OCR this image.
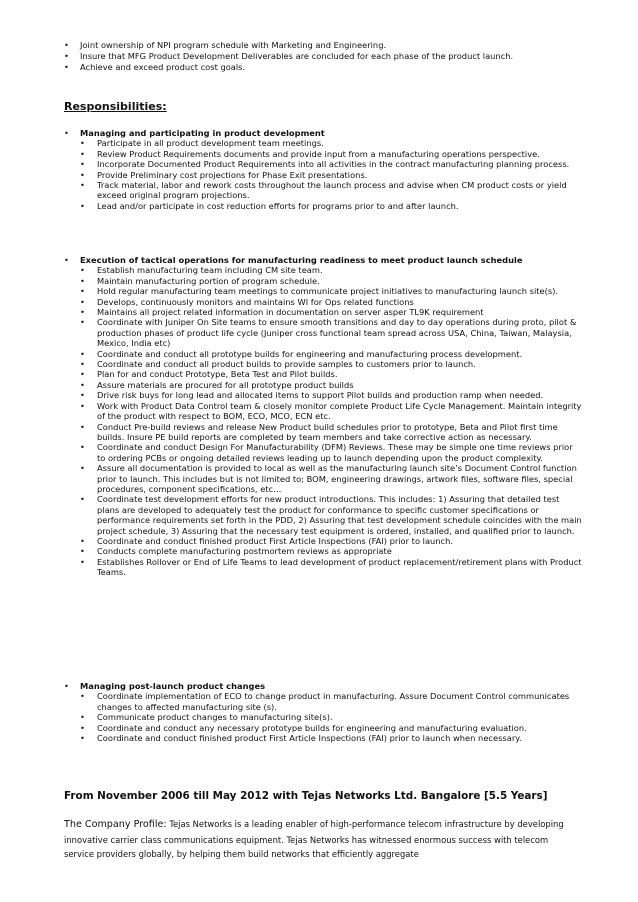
• Joint ownership of NPI program schedule with Marketing and Engineering.
• Insure that MFG Product Development Deliverables are concluded for each phase of the product launch.
• Achieve and exceed product cost goals.
Responsibilities:
• Managing and participating in product development
• Participate in all product development team meetings.
• Review Product Requirements documents and provide input from a manufacturing operations perspective.
• Incorporate Documented Product Requirements into all activities in the contract manufacturing planning process.
• Provide Preliminary cost projections for Phase Exit presentations.
• Track material, labor and rework costs throughout the launch process and advise when CM product costs or yield exceed original program projections.
• Lead and/or participate in cost reduction efforts for programs prior to and after launch.
• Execution of tactical operations for manufacturing readiness to meet product launch schedule
• Establish manufacturing team including CM site team.
• Maintain manufacturing portion of program schedule.
• Hold regular manufacturing team meetings to communicate project initiatives to manufacturing launch site(s).
• Develops, continuously monitors and maintains WI for Ops related functions
• Maintains all project related information in documentation on server asper TL9K requirement
• Coordinate with Juniper On Site teams to ensure smooth transitions and day to day operations during proto, pilot & production phases of product life cycle (Juniper cross functional team spread across USA, China, Taiwan, Malaysia, Mexico, India etc)
• Coordinate and conduct all prototype builds for engineering and manufacturing process development.
• Coordinate and conduct all product builds to provide samples to customers prior to launch.
• Plan for and conduct Prototype, Beta Test and Pilot builds.
• Assure materials are procured for all prototype product builds
• Drive risk buys for long lead and allocated items to support Pilot builds and production ramp when needed.
• Work with Product Data Control team & closely monitor complete Product Life Cycle Management. Maintain integrity of the product with respect to BOM, ECO, MCO, ECN etc.
• Conduct Pre-build reviews and release New Product build schedules prior to prototype, Beta and Pilot first time builds. Insure PE build reports are completed by team members and take corrective action as necessary.
• Coordinate and conduct Design For Manufacturability (DFM) Reviews. These may be simple one time reviews prior to ordering PCBs or ongoing detailed reviews leading up to launch depending upon the product complexity.
• Assure all documentation is provided to local as well as the manufacturing launch site’s Document Control function prior to launch. This includes but is not limited to; BOM, engineering drawings, artwork files, software files, special procedures, component specifications, etc…
• Coordinate test development efforts for new product introductions. This includes: 1) Assuring that detailed test plans are developed to adequately test the product for conformance to specific customer specifications or performance requirements set forth in the PDD, 2) Assuring that test development schedule coincides with the main project schedule, 3) Assuring that the necessary test equipment is ordered, installed, and qualified prior to launch.
• Coordinate and conduct finished product First Article Inspections (FAI) prior to launch.
• Conducts complete manufacturing postmortem reviews as appropriate
• Establishes Rollover or End of Life Teams to lead development of product replacement/retirement plans with Product Teams.
• Managing post-launch product changes
• Coordinate implementation of ECO to change product in manufacturing. Assure Document Control communicates changes to affected manufacturing site (s).
• Communicate product changes to manufacturing site(s).
• Coordinate and conduct any necessary prototype builds for engineering and manufacturing evaluation.
• Coordinate and conduct finished product First Article Inspections (FAI) prior to launch when necessary.
From November 2006 till May 2012 with Tejas Networks Ltd. Bangalore [5.5 Years]

The Company Profile: Tejas Networks is a leading enabler of high-performance telecom infrastructure by developing innovative carrier class communications equipment. Tejas Networks has witnessed enormous success with telecom service providers globally, by helping them build networks that efficiently aggregate
